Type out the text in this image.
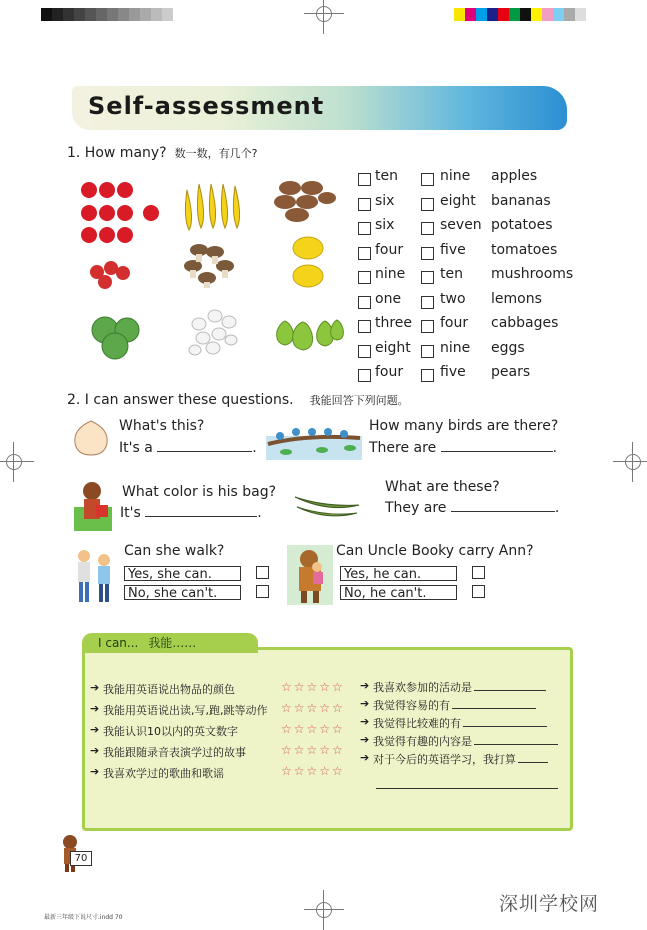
Self-assessment
1. How many? 数一数，有几个?
ten	nine apples
six	eight bananas
six	seven potatoes
four	five tomatoes
nine ten mushrooms
one	two lemons
three four cabbages
eight nine eggs
four	five pears
2. I can answer these questions. 我能回答下列问题。
What's this?
It's a	.
How many birds are there?
There are	.
What color is his bag?
It's	.
What are these?
They are	.
Can she walk?
Yes, she can.
No, she can't.
Can Uncle Booky carry Ann?
Yes, he can.
No, he can't.
I can... 我能……
➔ 我能用英语说出物品的颜色	☆☆☆☆☆
➔ 我能用英语说出读,写,跑,跳等动作 ☆☆☆☆☆
➔ 我能认识10以内的英文数字	☆☆☆☆☆
➔ 我能跟随录音表演学过的故事	☆☆☆☆☆
➔ 我喜欢学过的歌曲和歌谣	☆☆☆☆☆
➔ 我喜欢参加的活动是
➔ 我觉得容易的有
➔ 我觉得比较难的有
➔ 我觉得有趣的内容是
➔ 对于今后的英语学习，我打算
70
最新三年级下说尺寸.indd 70
深圳学校网
